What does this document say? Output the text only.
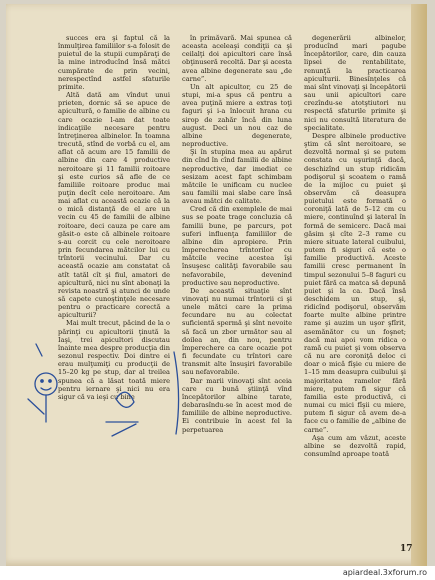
succes era şi faptul că la înmulţirea familiilor s-a folosit de puietul de la stupii cumpăraţi de la mine introducînd însă mătci cumpărate de prin vecini, nerespectînd astfel sfaturile primite.

Altă dată am vîndut unui prieten, dornic să se apuce de apicultură, o familie de albine cu care ocazie l-am dat toate indicaţiile necesare pentru întreţinerea albinelor. În toamna trecută, stînd de vorbă cu el, am aflat că acum are 15 familii de albine din care 4 productive neroitoare şi 11 familii roitoare şi este curios să afle de ce familiile roitoare produc mai puţin decît cele neroitoare. Am mai aflat cu această ocazie că la o mică distanţă de el are un vecin cu 45 de familii de albine roitoare, deci cauza pe care am găsit-o este că albinele roitoare s-au corcit cu cele neroitoare prin fecundarea mătcilor lui cu trîntorii vecinului. Dar cu această ocazie am constatat că atît tatăl cît şi fiul, amatori de apicultură, nici nu sînt abonaţi la revista noastră şi atunci de unde să capete cunoştinţele necesare pentru o practicare corectă a apiculturii?

Mai mult trecut, păcind de la o părinţi cu apicultorii ţinută la Iaşi, trei apicultori discutau înainte mea despre producţia din sezonul respectiv. Doi dintre ei erau mulţumiţi cu producţii de 15–20 kg pe stup, dar al treilea spunea că a lăsat toată miere pentru iernare şi nici nu era sigur că va ieşi cu bine

în primăvară. Mai spunea că aceasta aceleaşi condiţii ca şi ceilalţi doi apicultori care însă obţinuseră recoltă. Dar şi acesta avea albine degenerate sau „de carne”.

Un alt apicultor, cu 25 de stupi, mi-a spus că pentru a avea puţină miere a extras toţi faguri şi i-a înlocuit hrana cu sirop de zahăr încă din luna august. Deci un nou caz de albine degenerate, neproductive.

Şi în stupina mea au apărut din cînd în cînd familii de albine neproductive, dar imediat ce sesizam acest fapt schimbam mătcile le unificam cu nuclee sau familii mai slabe care însă aveau mătci de calitate.

Cred că din exemplele de mai sus se poate trage concluzia că familii bune, pe parcurs, pot suferi influenţa familiilor de albine din apropiere. Prin împerecherea trîntorilor cu mătcile vecine acestea îşi însuşesc calităţi favorabile sau nefavorabile, devenind productive sau neproductive.

De această situaţie sînt vinovaţi nu numai trîntorii ci şi unele mătci care la prima fecundare nu au colectat suficientă spermă şi sînt nevoite să facă un zbor următor sau al doilea an, din nou, pentru împerechere ca care ocazie pot fi fecundate cu trîntori care transmit alte însuşiri favorabile sau nefavorabile.

Dar marii vinovaţi sînt aceia care cu bună ştiinţă vînd începătorilor albine tarate, debarasîndu-se în acest mod de familiile de albine neproductive. Ei contribuie în acest fel la perpetuarea

degenerării albinelor, producînd mari pagube începătorilor, care, din cauza lipsei de rentabilitate, renunţă la practicarea apiculturii. Binesînţeles că mai sînt vinovaţi şi începătorii sau unii apicultori care crezîndu-se atotştiutori nu respectă sfaturile primite şi nici nu consultă literatura de specialitate.

Despre albinele productive ştim că sînt neroitoare, se dezvoltă normal şi se putem constata cu uşurinţă dacă, deschizînd un stup ridicăm podişorul şi scoatem o ramă de la mijloc cu puiet şi observăm că deasupra puietului este formată o coroniţă lată de 5–12 cm cu miere, continuînd şi lateral în formă de semicerc. Dacă mai găsim şi cîte 2–3 rame cu miere situate lateral cuibului, putem fi siguri că este o familie productivă. Aceste familii cresc permanent în timpul sezonului 5–8 faguri cu puiet fără ca matca să depună puiet şi la ca. Dacă însă deschidem un stup, şi, ridicînd podişorul, observăm foarte multe albine printre rame şi auzim un uşor şfîrit, asemănător cu un foşnet; dacă mai apoi vom ridica o ramă cu puiet şi vom observa că nu are coroniţă deloc ci doar o mică fîşie cu miere de 1–15 mm deasupra cuibului şi majoritatea ramelor fără miere, putem fi sigur că familia este productivă, ci numai cu mici fîşii cu miere, putem fi sigur că avem de-a face cu o familie de „albine de carne”.

Aşa cum am văzut, aceste albine se dezvoltă rapid, consumînd aproape toată

17
apiardeal.3xforum.ro
